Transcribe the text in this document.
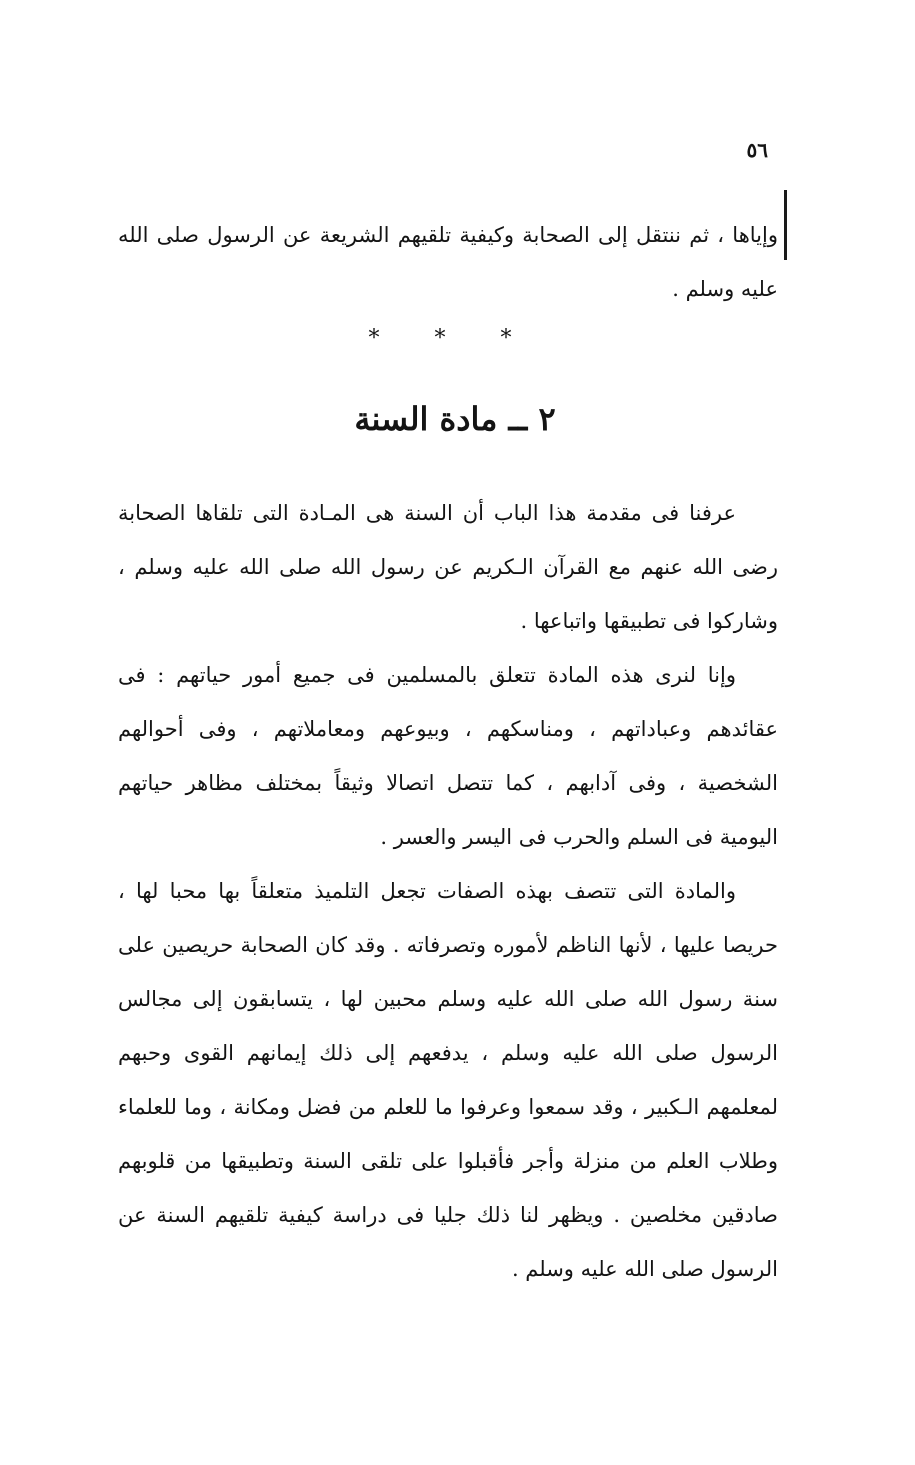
٥٦

وإياها ، ثم ننتقل إلى الصحابة وكيفية تلقيهم الشريعة عن الرسول صلى الله عليه وسلم .

* * *
٢ ــ مادة السنة

عرفنا فى مقدمة هذا الباب أن السنة هى المـادة التى تلقاها الصحابة رضى الله عنهم مع القرآن الـكريم عن رسول الله صلى الله عليه وسلم ، وشاركوا فى تطبيقها واتباعها .

وإنا لنرى هذه المادة تتعلق بالمسلمين فى جميع أمور حياتهم : فى عقائدهم وعباداتهم ، ومناسكهم ، وبيوعهم ومعاملاتهم ، وفى أحوالهم الشخصية ، وفى آدابهم ، كما تتصل اتصالا وثيقاً بمختلف مظاهر حياتهم اليومية فى السلم والحرب فى اليسر والعسر .

والمادة التى تتصف بهذه الصفات تجعل التلميذ متعلقاً بها محبا لها ، حريصا عليها ، لأنها الناظم لأموره وتصرفاته . وقد كان الصحابة حريصين على سنة رسول الله صلى الله عليه وسلم محبين لها ، يتسابقون إلى مجالس الرسول صلى الله عليه وسلم ، يدفعهم إلى ذلك إيمانهم القوى وحبهم لمعلمهم الـكبير ، وقد سمعوا وعرفوا ما للعلم من فضل ومكانة ، وما للعلماء وطلاب العلم من منزلة وأجر فأقبلوا على تلقى السنة وتطبيقها من قلوبهم صادقين مخلصين . ويظهر لنا ذلك جليا فى دراسة كيفية تلقيهم السنة عن الرسول صلى الله عليه وسلم .
